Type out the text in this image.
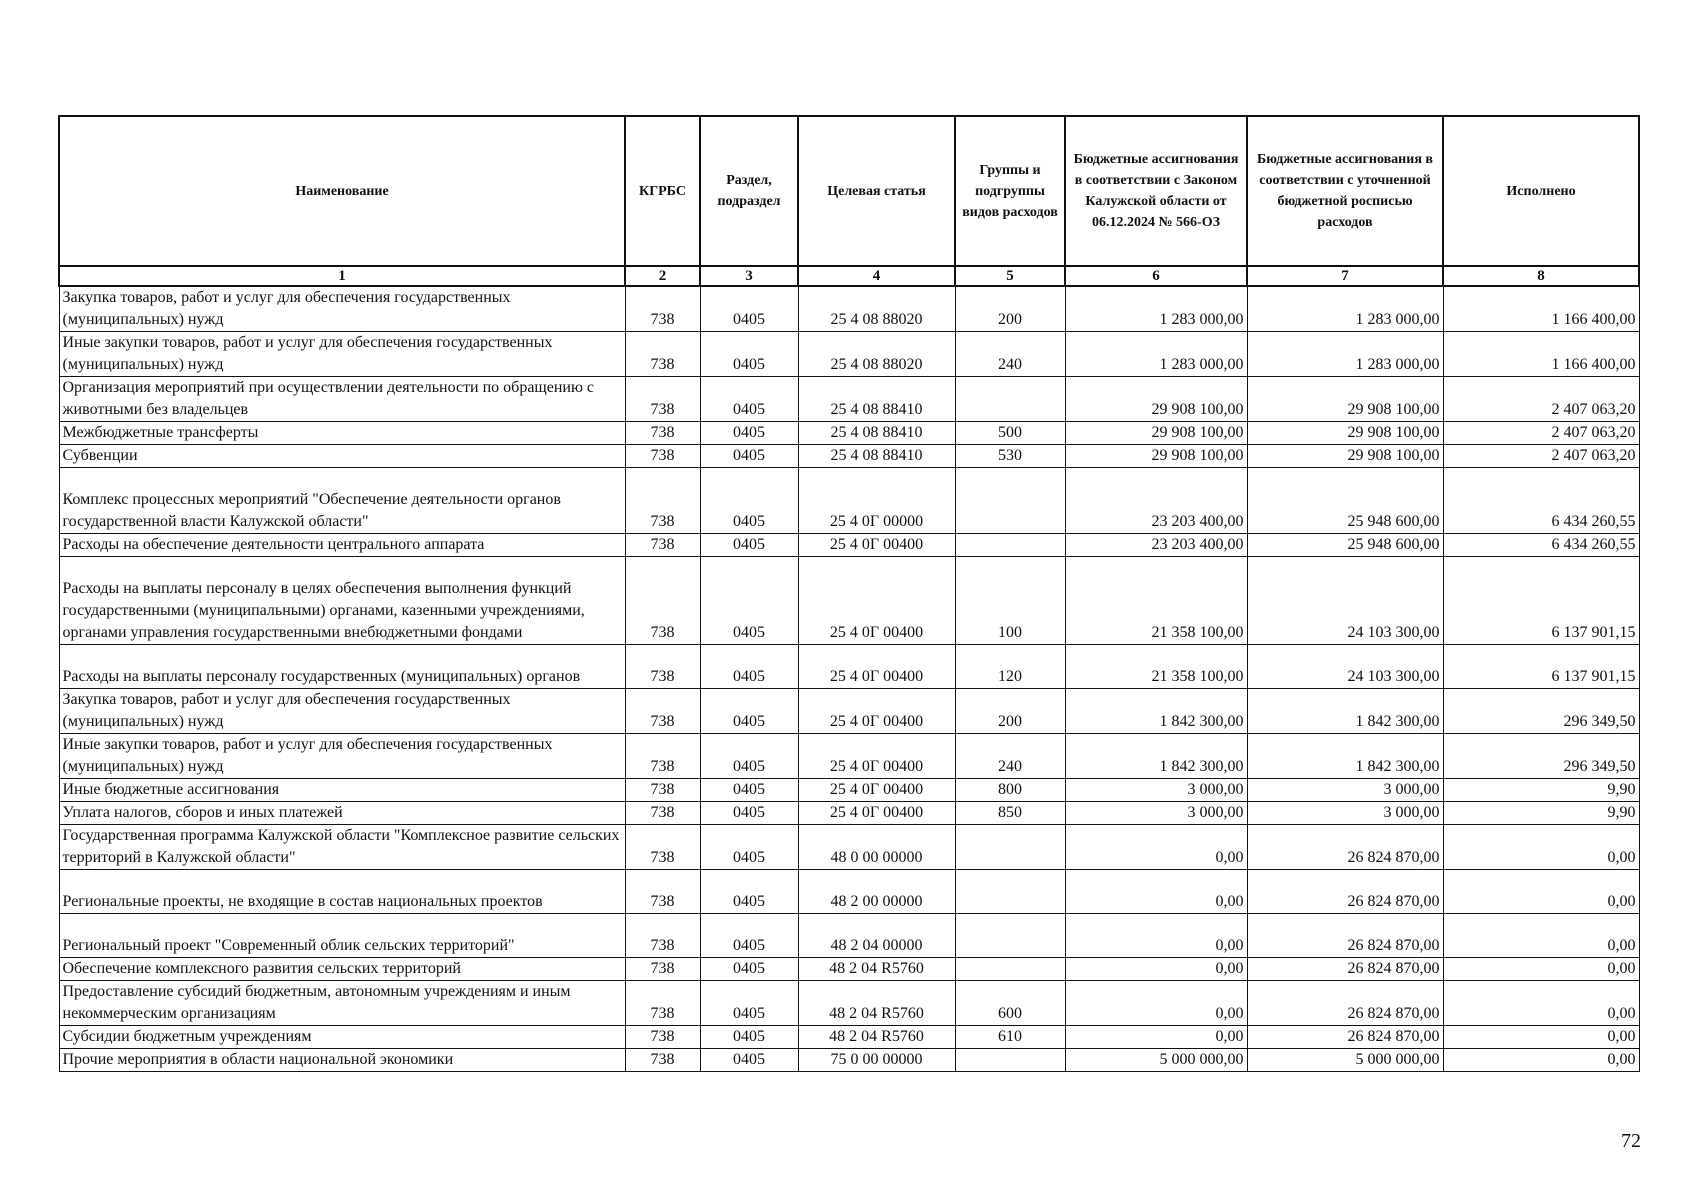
Наименование	КГРБС	Раздел, подраздел	Целевая статья	Группы и подгруппы видов расходов	Бюджетные ассигнования в соответствии с Законом Калужской области от 06.12.2024 № 566-ОЗ	Бюджетные ассигнования в соответствии с уточненной бюджетной росписью расходов	Исполнено
1	2	3	4	5	6	7	8
Закупка товаров, работ и услуг для обеспечения государственных (муниципальных) нужд	738	0405	25 4 08 88020	200	1 283 000,00	1 283 000,00	1 166 400,00
Иные закупки товаров, работ и услуг для обеспечения государственных (муниципальных) нужд	738	0405	25 4 08 88020	240	1 283 000,00	1 283 000,00	1 166 400,00
Организация мероприятий при осуществлении деятельности по обращению с животными без владельцев	738	0405	25 4 08 88410		29 908 100,00	29 908 100,00	2 407 063,20
Межбюджетные трансферты	738	0405	25 4 08 88410	500	29 908 100,00	29 908 100,00	2 407 063,20
Субвенции	738	0405	25 4 08 88410	530	29 908 100,00	29 908 100,00	2 407 063,20
Комплекс процессных мероприятий "Обеспечение деятельности органов государственной власти Калужской области"	738	0405	25 4 0Г 00000		23 203 400,00	25 948 600,00	6 434 260,55
Расходы на обеспечение деятельности центрального аппарата	738	0405	25 4 0Г 00400		23 203 400,00	25 948 600,00	6 434 260,55
Расходы на выплаты персоналу в целях обеспечения выполнения функций государственными (муниципальными) органами, казенными учреждениями, органами управления государственными внебюджетными фондами	738	0405	25 4 0Г 00400	100	21 358 100,00	24 103 300,00	6 137 901,15
Расходы на выплаты персоналу государственных (муниципальных) органов	738	0405	25 4 0Г 00400	120	21 358 100,00	24 103 300,00	6 137 901,15
Закупка товаров, работ и услуг для обеспечения государственных (муниципальных) нужд	738	0405	25 4 0Г 00400	200	1 842 300,00	1 842 300,00	296 349,50
Иные закупки товаров, работ и услуг для обеспечения государственных (муниципальных) нужд	738	0405	25 4 0Г 00400	240	1 842 300,00	1 842 300,00	296 349,50
Иные бюджетные ассигнования	738	0405	25 4 0Г 00400	800	3 000,00	3 000,00	9,90
Уплата налогов, сборов и иных платежей	738	0405	25 4 0Г 00400	850	3 000,00	3 000,00	9,90
Государственная программа Калужской области "Комплексное развитие сельских территорий в Калужской области"	738	0405	48 0 00 00000		0,00	26 824 870,00	0,00
Региональные проекты, не входящие в состав национальных проектов	738	0405	48 2 00 00000		0,00	26 824 870,00	0,00
Региональный проект "Современный облик сельских территорий"	738	0405	48 2 04 00000		0,00	26 824 870,00	0,00
Обеспечение комплексного развития сельских территорий	738	0405	48 2 04 R5760		0,00	26 824 870,00	0,00
Предоставление субсидий бюджетным, автономным учреждениям и иным некоммерческим организациям	738	0405	48 2 04 R5760	600	0,00	26 824 870,00	0,00
Субсидии бюджетным учреждениям	738	0405	48 2 04 R5760	610	0,00	26 824 870,00	0,00
Прочие мероприятия в области национальной экономики	738	0405	75 0 00 00000		5 000 000,00	5 000 000,00	0,00
72
